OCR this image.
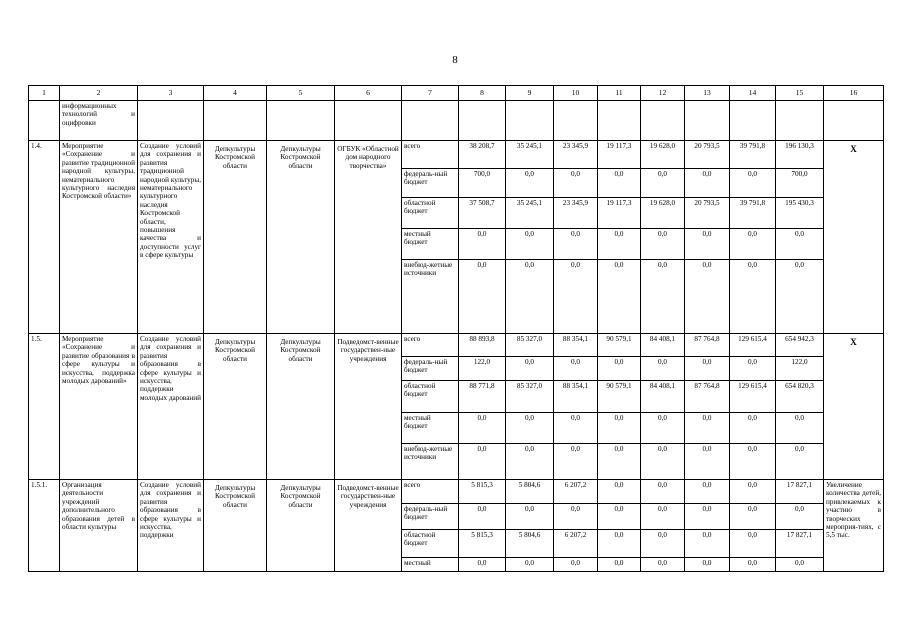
8
1	2	3	4	5	6	7	8	9	10	11	12	13	14	15	16
	информационных технологий и оцифровки														
1.4.	Мероприятие «Сохранение и развитие традиционной народной культуры, нематериального культурного наследия Костромской области»	Создание условий для сохранения и развития традиционной народной культуры, нематериального культурного наследия Костромской области, повышения качества и доступности услуг в сфере культуры	Депкультуры Костромской области	Депкультуры Костромской области	ОГБУК «Областной дом народного творчества»	всего	38 208,7	35 245,1	23 345,9	19 117,3	19 628,0	20 793,5	39 791,8	196 130,3	X
						федераль-ный бюджет	700,0	0,0	0,0	0,0	0,0	0,0	0,0	700,0	
						областной бюджет	37 508,7	35 245,1	23 345,9	19 117,3	19 628,0	20 793,5	39 791,8	195 430,3	
						местный бюджет	0,0	0,0	0,0	0,0	0,0	0,0	0,0	0,0	
						внебюд-жетные источники	0,0	0,0	0,0	0,0	0,0	0,0	0,0	0,0	
1.5.	Мероприятие «Сохранение и развитие образования в сфере культуры и искусства, поддержка молодых дарований»	Создание условий для сохранения и развития образования в сфере культуры и искусства, поддержки молодых дарований	Депкультуры Костромской области	Депкультуры Костромской области	Подведомст-венные государствен-ные учреждения	всего	88 893,8	85 327,0	88 354,1	90 579,1	84 408,1	87 764,8	129 615,4	654 942,3	X
						федераль-ный бюджет	122,0	0,0	0,0	0,0	0,0	0,0	0,0	122,0	
						областной бюджет	88 771,8	85 327,0	88 354,1	90 579,1	84 408,1	87 764,8	129 615,4	654 820,3	
						местный бюджет	0,0	0,0	0,0	0,0	0,0	0,0	0,0	0,0	
						внебюд-жетные источники	0,0	0,0	0,0	0,0	0,0	0,0	0,0	0,0	
1.5.1.	Организация деятельности учреждений дополнительного образования детей в области культуры	Создание условий для сохранения и развития образования в сфере культуры и искусства, поддержки	Депкультуры Костромской области	Депкультуры Костромской области	Подведомст-венные государствен-ные учреждения	всего	5 815,3	5 804,6	6 207,2	0,0	0,0	0,0	0,0	17 827,1	Увеличение количества детей, привлекаемых к участию в творческих мероприя-тиях, с 5,5 тыс.
						федераль-ный бюджет	0,0	0,0	0,0	0,0	0,0	0,0	0,0	0,0	
						областной бюджет	5 815,3	5 804,6	6 207,2	0,0	0,0	0,0	0,0	17 827,1	
						местный	0,0	0,0	0,0	0,0	0,0	0,0	0,0	0,0	
